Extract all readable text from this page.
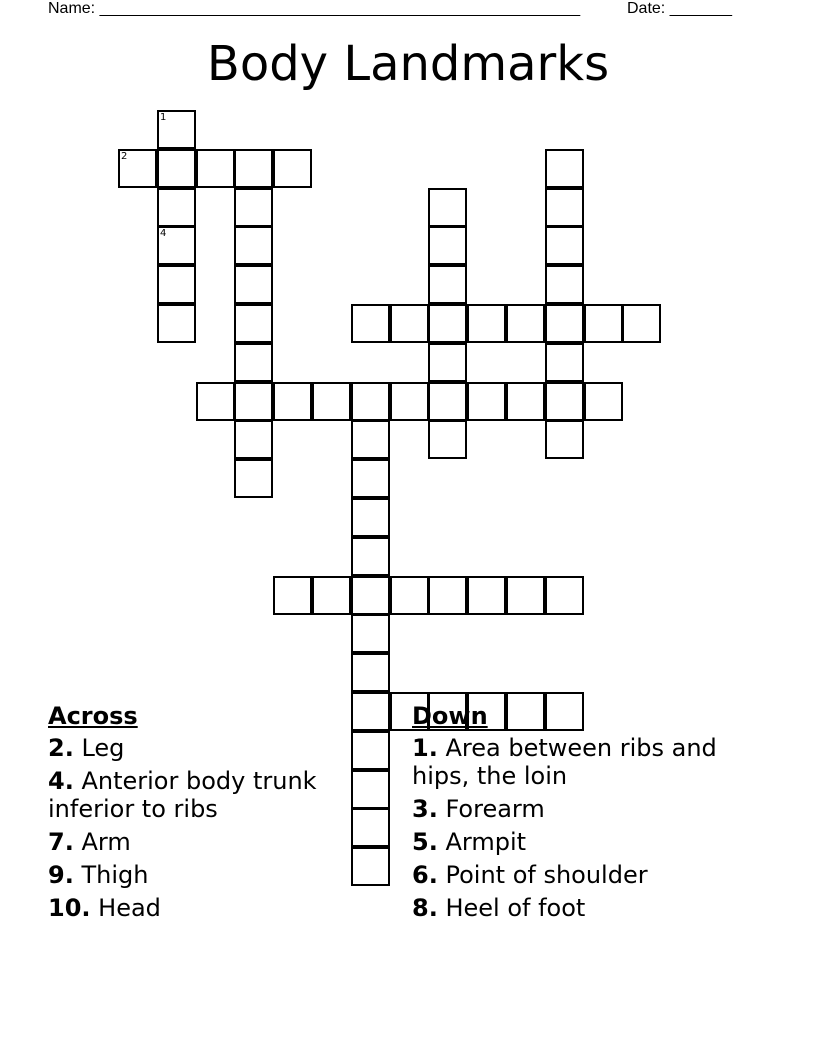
Name: ______________________________________________________	Date: _______
Body Landmarks
2
1
4
Across
2. Leg
4. Anterior body trunk inferior to ribs
7. Arm
9. Thigh
10. Head
Down
1. Area between ribs and hips, the loin
3. Forearm
5. Armpit
6. Point of shoulder
8. Heel of foot
